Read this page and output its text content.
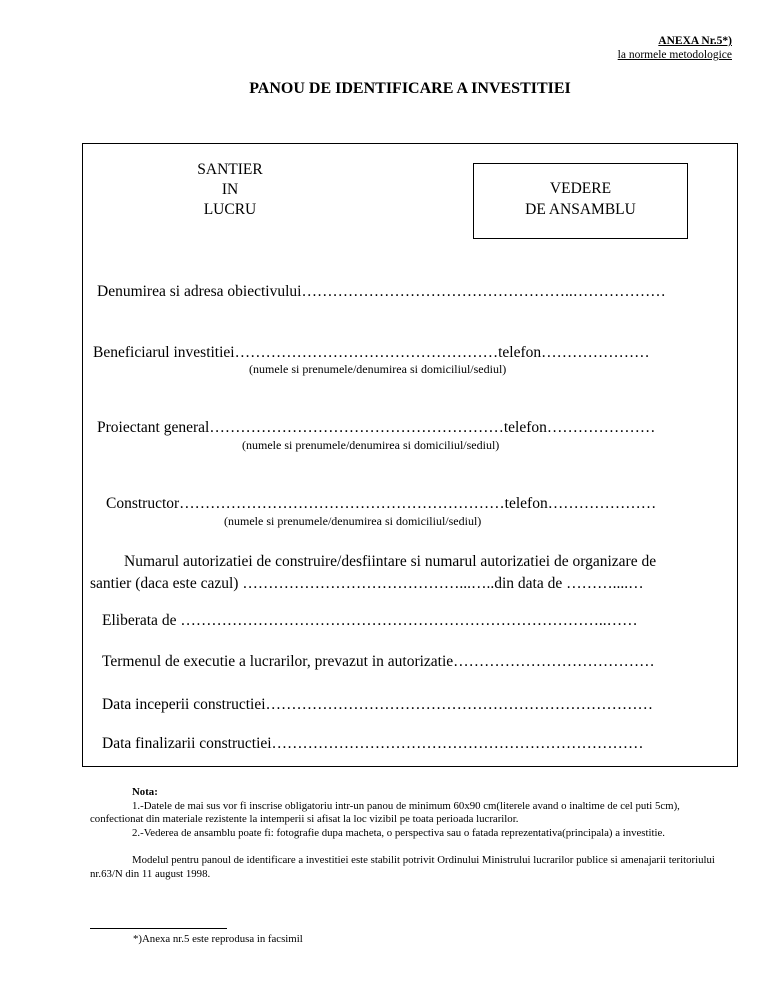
ANEXA Nr.5*)
la normele metodologice
PANOU DE IDENTIFICARE A INVESTITIEI
SANTIER
IN
LUCRU
VEDERE
DE ANSAMBLU
Denumirea si adresa obiectivului……………………………………………..………………
Beneficiarul investitiei……………………………………………telefon…………………
(numele si prenumele/denumirea si domiciliul/sediul)
Proiectant general…………………………………………………telefon…………………
(numele si prenumele/denumirea si domiciliul/sediul)
Constructor………………………………………………………telefon…………………
(numele si prenumele/denumirea si domiciliul/sediul)
Numarul autorizatiei de construire/desfiintare si numarul autorizatiei de organizare de
santier (daca este cazul) ……………………………………...…..din data de ………....…
Eliberata de ………………………………………………………………………..……
Termenul de executie a lucrarilor, prevazut in autorizatie…………………………………
Data inceperii constructiei…………………………………………………………………
Data finalizarii constructiei………………………………………………………………
Nota:
1.-Datele de mai sus vor fi inscrise obligatoriu intr-un panou de minimum 60x90 cm(literele avand o inaltime de cel puti 5cm), confectionat din materiale rezistente la intemperii si afisat la loc vizibil pe toata perioada lucrarilor.
2.-Vederea de ansamblu poate fi: fotografie dupa macheta, o perspectiva sau o fatada reprezentativa(principala) a investitie.
Modelul pentru panoul de identificare a investitiei este stabilit potrivit Ordinului Ministrului lucrarilor publice si amenajarii teritoriului nr.63/N din 11 august 1998.
*)Anexa nr.5 este reprodusa in facsimil
